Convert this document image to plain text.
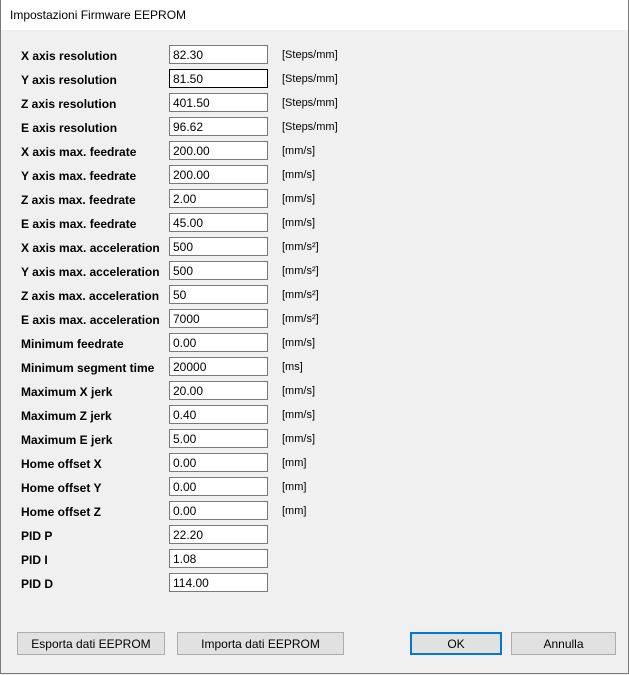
Impostazioni Firmware EEPROM
X axis resolution
82.30	[Steps/mm]
Y axis resolution
81.50	[Steps/mm]
Z axis resolution
401.50	[Steps/mm]
E axis resolution
96.62	[Steps/mm]
X axis max. feedrate
200.00	[mm/s]
Y axis max. feedrate
200.00	[mm/s]
Z axis max. feedrate
2.00	[mm/s]
E axis max. feedrate
45.00	[mm/s]
X axis max. acceleration
500	[mm/s²]
Y axis max. acceleration
500	[mm/s²]
Z axis max. acceleration
50	[mm/s²]
E axis max. acceleration
7000	[mm/s²]
Minimum feedrate
0.00	[mm/s]
Minimum segment time
20000	[ms]
Maximum X jerk
20.00	[mm/s]
Maximum Z jerk
0.40	[mm/s]
Maximum E jerk
5.00	[mm/s]
Home offset X
0.00	[mm]
Home offset Y
0.00	[mm]
Home offset Z
0.00	[mm]
PID P
22.20
PID I
1.08
PID D
114.00
Esporta dati EEPROM	Importa dati EEPROM	OK	Annulla
